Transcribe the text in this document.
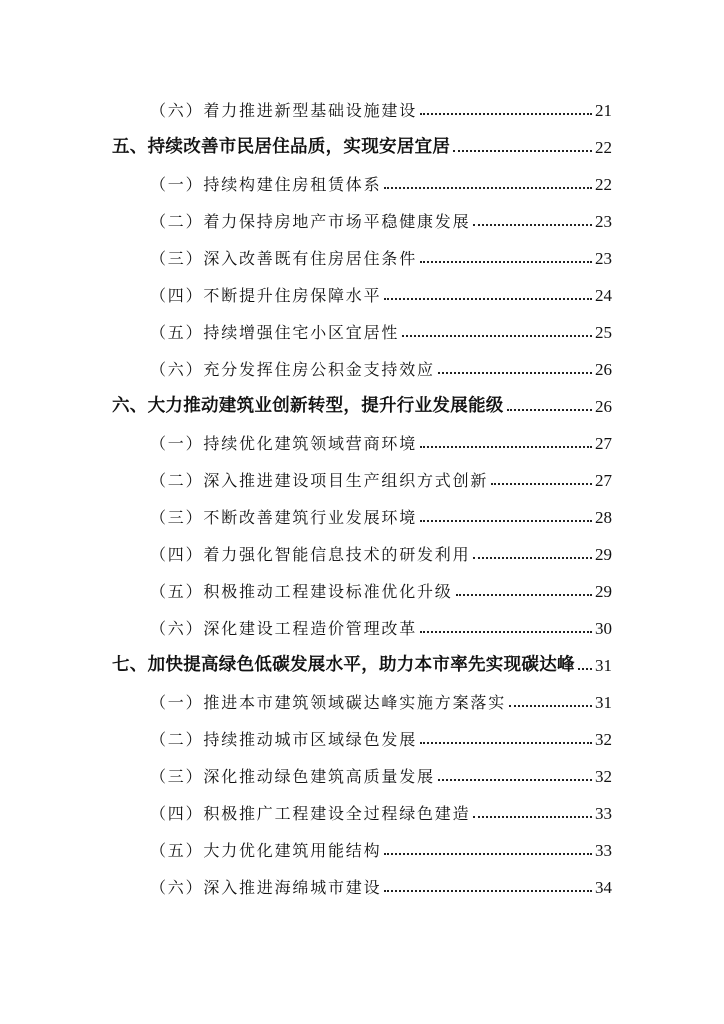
（六）着力推进新型基础设施建设	21
五、持续改善市民居住品质，实现安居宜居	22
（一）持续构建住房租赁体系	22
（二）着力保持房地产市场平稳健康发展	23
（三）深入改善既有住房居住条件	23
（四）不断提升住房保障水平	24
（五）持续增强住宅小区宜居性	25
（六）充分发挥住房公积金支持效应	26
六、大力推动建筑业创新转型，提升行业发展能级	26
（一）持续优化建筑领域营商环境	27
（二）深入推进建设项目生产组织方式创新	27
（三）不断改善建筑行业发展环境	28
（四）着力强化智能信息技术的研发利用	29
（五）积极推动工程建设标准优化升级	29
（六）深化建设工程造价管理改革	30
七、加快提高绿色低碳发展水平，助力本市率先实现碳达峰 31
（一）推进本市建筑领域碳达峰实施方案落实	31
（二）持续推动城市区域绿色发展	32
（三）深化推动绿色建筑高质量发展	32
（四）积极推广工程建设全过程绿色建造	33
（五）大力优化建筑用能结构	33
（六）深入推进海绵城市建设	34
